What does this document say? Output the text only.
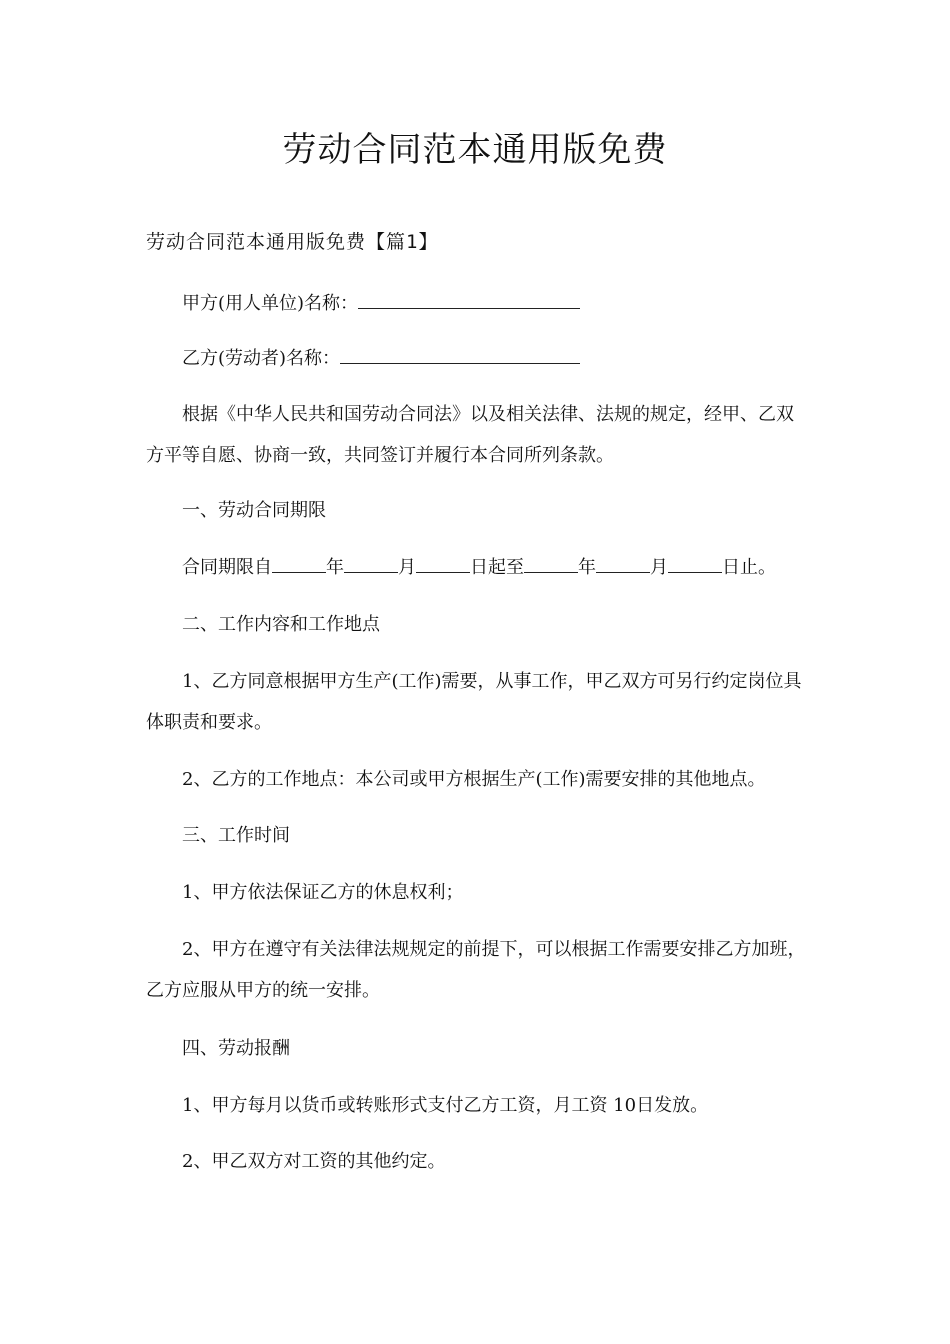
劳动合同范本通用版免费
劳动合同范本通用版免费【篇1】
甲方(用人单位)名称：
乙方(劳动者)名称：
根据《中华人民共和国劳动合同法》以及相关法律、法规的规定，经甲、乙双方平等自愿、协商一致，共同签订并履行本合同所列条款。
一、劳动合同期限
合同期限自	年	月	日起至	年	月	日止。
二、工作内容和工作地点
1、乙方同意根据甲方生产(工作)需要，从事工作，甲乙双方可另行约定岗位具体职责和要求。
2、乙方的工作地点：本公司或甲方根据生产(工作)需要安排的其他地点。
三、工作时间
1、甲方依法保证乙方的休息权利；
2、甲方在遵守有关法律法规规定的前提下，可以根据工作需要安排乙方加班，乙方应服从甲方的统一安排。
四、劳动报酬
1、甲方每月以货币或转账形式支付乙方工资，月工资 10日发放。
2、甲乙双方对工资的其他约定。
